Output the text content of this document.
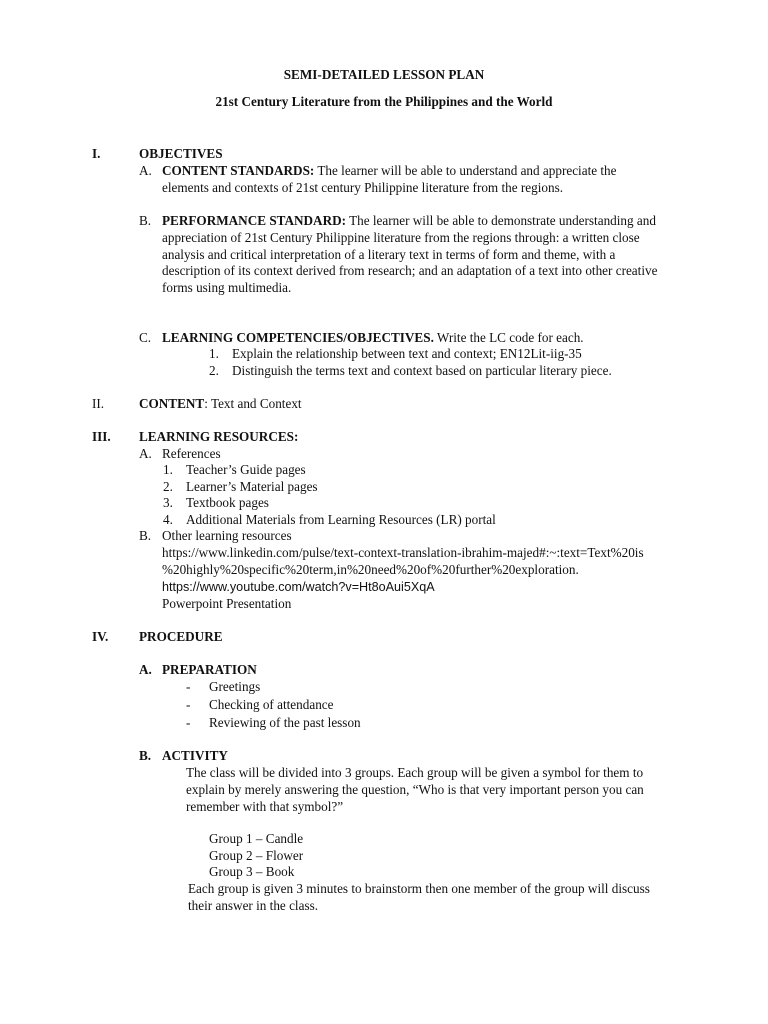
SEMI-DETAILED LESSON PLAN
21st Century Literature from the Philippines and the World
I.	OBJECTIVES
A. CONTENT STANDARDS: The learner will be able to understand and appreciate the
elements and contexts of 21st century Philippine literature from the regions.
B. PERFORMANCE STANDARD: The learner will be able to demonstrate understanding and
appreciation of 21st Century Philippine literature from the regions through: a written close
analysis and critical interpretation of a literary text in terms of form and theme, with a
description of its context derived from research; and an adaptation of a text into other creative
forms using multimedia.
C. LEARNING COMPETENCIES/OBJECTIVES. Write the LC code for each.
1. Explain the relationship between text and context; EN12Lit-iig-35
2. Distinguish the terms text and context based on particular literary piece.
II.	CONTENT: Text and Context
III. LEARNING RESOURCES:
A. References
1. Teacher’s Guide pages
2. Learner’s Material pages
3. Textbook pages
4. Additional Materials from Learning Resources (LR) portal
B. Other learning resources
https://www.linkedin.com/pulse/text-context-translation-ibrahim-majed#:~:text=Text%20is
%20highly%20specific%20term,in%20need%20of%20further%20exploration.
https://www.youtube.com/watch?v=Ht8oAui5XqA
Powerpoint Presentation
IV. PROCEDURE
A. PREPARATION
- Greetings
- Checking of attendance
- Reviewing of the past lesson
B. ACTIVITY
The class will be divided into 3 groups. Each group will be given a symbol for them to
explain by merely answering the question, “Who is that very important person you can
remember with that symbol?”
Group 1 – Candle
Group 2 – Flower
Group 3 – Book
Each group is given 3 minutes to brainstorm then one member of the group will discuss
their answer in the class.
